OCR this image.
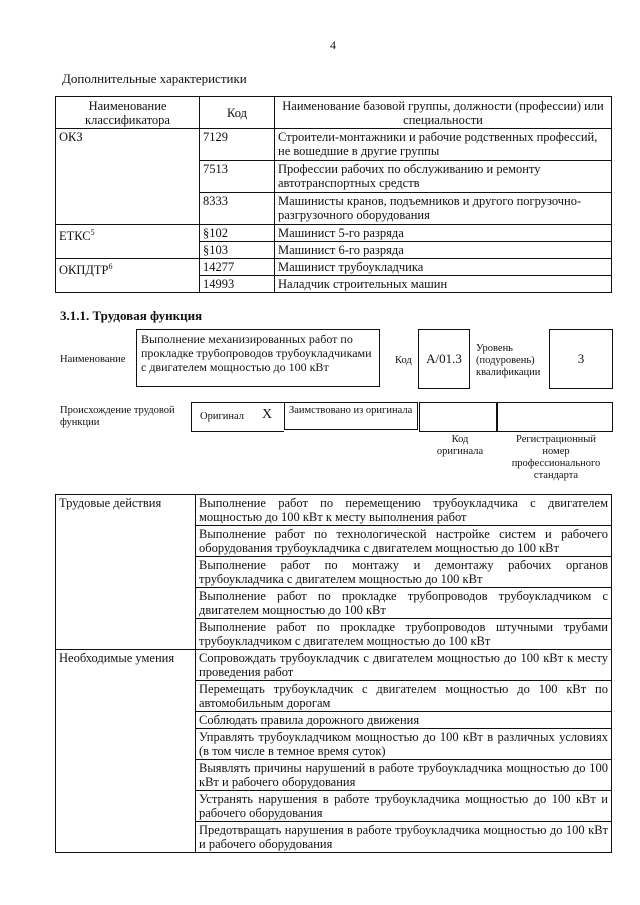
4
Дополнительные характеристики
Наименование классификатора	Код	Наименование базовой группы, должности (профессии) или специальности
ОКЗ	7129	Строители-монтажники и рабочие родственных профессий, не вошедшие в другие группы
	7513	Профессии рабочих по обслуживанию и ремонту автотранспортных средств
	8333	Машинисты кранов, подъемников и другого погрузочно-разгрузочного оборудования
ЕТКС$^5$	§102	Машинист 5-го разряда
	§103	Машинист 6-го разряда
ОКПДТР$^6$	14277	Машинист трубоукладчика
	14993	Наладчик строительных машин
3.1.1. Трудовая функция
Наименование
Выполнение механизированных работ по прокладке трубопроводов трубоукладчиками с двигателем мощностью до 100 кВт	Код	A/01.3
Уровень (подуровень) квалификации
3
Происхождение трудовой функции
Оригинал X	Заимствовано из оригинала
Код оригинала
Регистрационный номер профессионального стандарта
Трудовые действия	Выполнение работ по перемещению трубоукладчика с двигателем мощностью до 100 кВт к месту выполнения работ
	Выполнение работ по технологической настройке систем и рабочего оборудования трубоукладчика с двигателем мощностью до 100 кВт
	Выполнение работ по монтажу и демонтажу рабочих органов трубоукладчика с двигателем мощностью до 100 кВт
	Выполнение работ по прокладке трубопроводов трубоукладчиком с двигателем мощностью до 100 кВт
	Выполнение работ по прокладке трубопроводов штучными трубами трубоукладчиком с двигателем мощностью до 100 кВт
Необходимые умения	Сопровождать трубоукладчик с двигателем мощностью до 100 кВт к месту проведения работ
	Перемещать трубоукладчик с двигателем мощностью до 100 кВт по автомобильным дорогам
	Соблюдать правила дорожного движения
	Управлять трубоукладчиком мощностью до 100 кВт в различных условиях (в том числе в темное время суток)
	Выявлять причины нарушений в работе трубоукладчика мощностью до 100 кВт и рабочего оборудования
	Устранять нарушения в работе трубоукладчика мощностью до 100 кВт и рабочего оборудования
	Предотвращать нарушения в работе трубоукладчика мощностью до 100 кВт и рабочего оборудования
